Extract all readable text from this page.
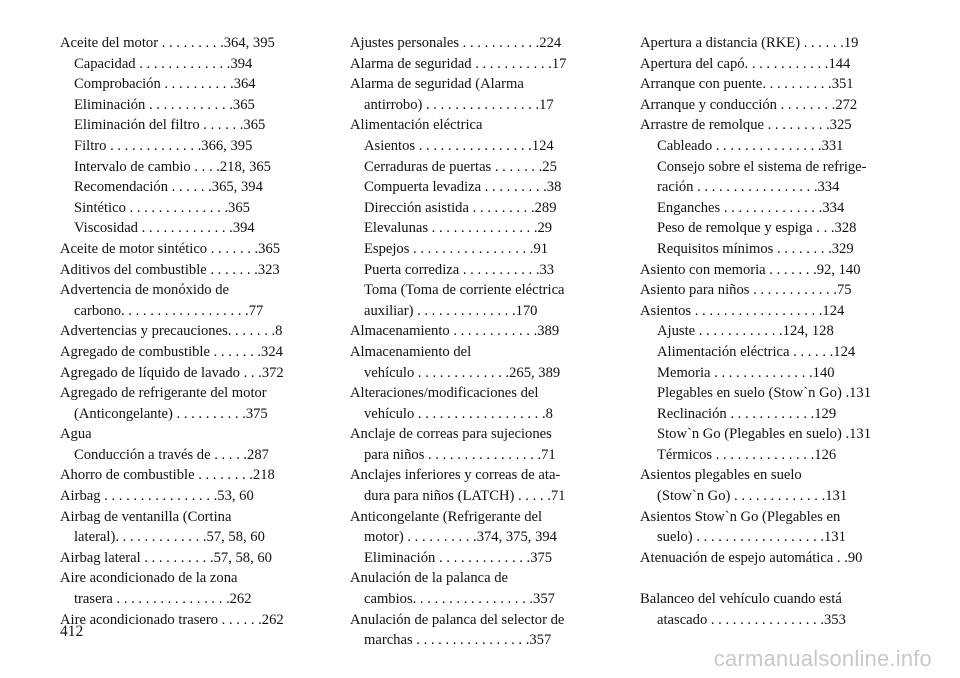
Aceite del motor . . . . . . . . .364, 395
Capacidad . . . . . . . . . . . . .394
Comprobación . . . . . . . . . .364
Eliminación . . . . . . . . . . . .365
Eliminación del filtro . . . . . .365
Filtro . . . . . . . . . . . . .366, 395
Intervalo de cambio . . . .218, 365
Recomendación . . . . . .365, 394
Sintético . . . . . . . . . . . . . .365
Viscosidad . . . . . . . . . . . . .394
Aceite de motor sintético . . . . . . .365
Aditivos del combustible . . . . . . .323
Advertencia de monóxido de
carbono. . . . . . . . . . . . . . . . . .77
Advertencias y precauciones. . . . . . .8
Agregado de combustible . . . . . . .324
Agregado de líquido de lavado . . .372
Agregado de refrigerante del motor
(Anticongelante) . . . . . . . . . .375
Agua
Conducción a través de . . . . .287
Ahorro de combustible . . . . . . . .218
Airbag . . . . . . . . . . . . . . . .53, 60
Airbag de ventanilla (Cortina
lateral). . . . . . . . . . . . .57, 58, 60
Airbag lateral . . . . . . . . . .57, 58, 60
Aire acondicionado de la zona
trasera . . . . . . . . . . . . . . . .262
Aire acondicionado trasero . . . . . .262
Ajustes personales . . . . . . . . . . .224
Alarma de seguridad . . . . . . . . . . .17
Alarma de seguridad (Alarma
antirrobo) . . . . . . . . . . . . . . . .17
Alimentación eléctrica
Asientos . . . . . . . . . . . . . . . .124
Cerraduras de puertas . . . . . . .25
Compuerta levadiza . . . . . . . . .38
Dirección asistida . . . . . . . . .289
Elevalunas . . . . . . . . . . . . . . .29
Espejos . . . . . . . . . . . . . . . . .91
Puerta corrediza . . . . . . . . . . .33
Toma (Toma de corriente eléctrica
auxiliar) . . . . . . . . . . . . . .170
Almacenamiento . . . . . . . . . . . .389
Almacenamiento del
vehículo . . . . . . . . . . . . .265, 389
Alteraciones/modificaciones del
vehículo . . . . . . . . . . . . . . . . . .8
Anclaje de correas para sujeciones
para niños . . . . . . . . . . . . . . . .71
Anclajes inferiores y correas de ata-
dura para niños (LATCH) . . . . .71
Anticongelante (Refrigerante del
motor) . . . . . . . . . .374, 375, 394
Eliminación . . . . . . . . . . . . .375
Anulación de la palanca de
cambios. . . . . . . . . . . . . . . . .357
Anulación de palanca del selector de
marchas . . . . . . . . . . . . . . . .357
Apertura a distancia (RKE) . . . . . .19
Apertura del capó. . . . . . . . . . . .144
Arranque con puente. . . . . . . . . .351
Arranque y conducción . . . . . . . .272
Arrastre de remolque . . . . . . . . .325
Cableado . . . . . . . . . . . . . . .331
Consejo sobre el sistema de refrige-
ración . . . . . . . . . . . . . . . . .334
Enganches . . . . . . . . . . . . . .334
Peso de remolque y espiga . . .328
Requisitos mínimos . . . . . . . .329
Asiento con memoria . . . . . . .92, 140
Asiento para niños . . . . . . . . . . . .75
Asientos . . . . . . . . . . . . . . . . . .124
Ajuste . . . . . . . . . . . .124, 128
Alimentación eléctrica . . . . . .124
Memoria . . . . . . . . . . . . . .140
Plegables en suelo (Stow`n Go) .131
Reclinación . . . . . . . . . . . .129
Stow`n Go (Plegables en suelo) .131
Térmicos . . . . . . . . . . . . . .126
Asientos plegables en suelo
(Stow`n Go) . . . . . . . . . . . . .131
Asientos Stow`n Go (Plegables en
suelo) . . . . . . . . . . . . . . . . . .131
Atenuación de espejo automática . .90
Balanceo del vehículo cuando está
atascado . . . . . . . . . . . . . . . .353
412
carmanualsonline.info
